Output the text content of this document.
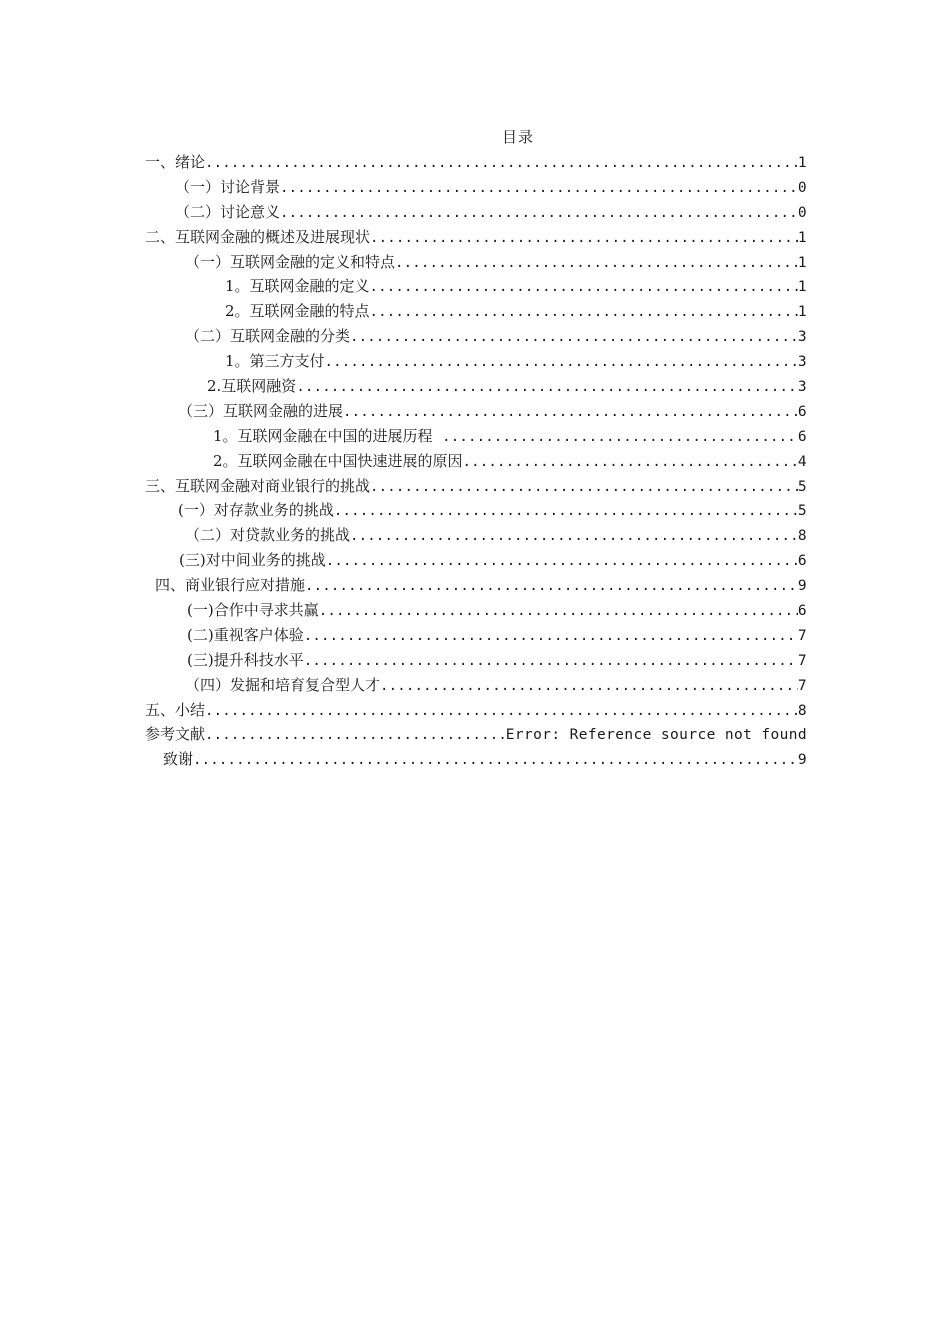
目录
一、绪论 .....	1
（一）讨论背景 .....	0
（二）讨论意义 .....	0
二、互联网金融的概述及进展现状 .....	1
（一）互联网金融的定义和特点 .....	1
1。互联网金融的定义 .....	1
2。互联网金融的特点 .....	1
（二）互联网金融的分类 .....	3
1。第三方支付 .....	3
2.互联网融资 .....	3
（三）互联网金融的进展 .....	6
1。互联网金融在中国的进展历程 .....	6
2。互联网金融在中国快速进展的原因 .....	4
三、互联网金融对商业银行的挑战 .....	5
(一）对存款业务的挑战 .....	5
（二）对贷款业务的挑战 .....	8
(三)对中间业务的挑战 .....	6
四、商业银行应对措施 .....	9
(一)合作中寻求共赢 .....	6
(二)重视客户体验 .....	7
(三)提升科技水平 .....	7
（四）发掘和培育复合型人才 .....	7
五、小结 .....	8
参考文献 .....	Error: Reference source not found
致谢 .....	9
